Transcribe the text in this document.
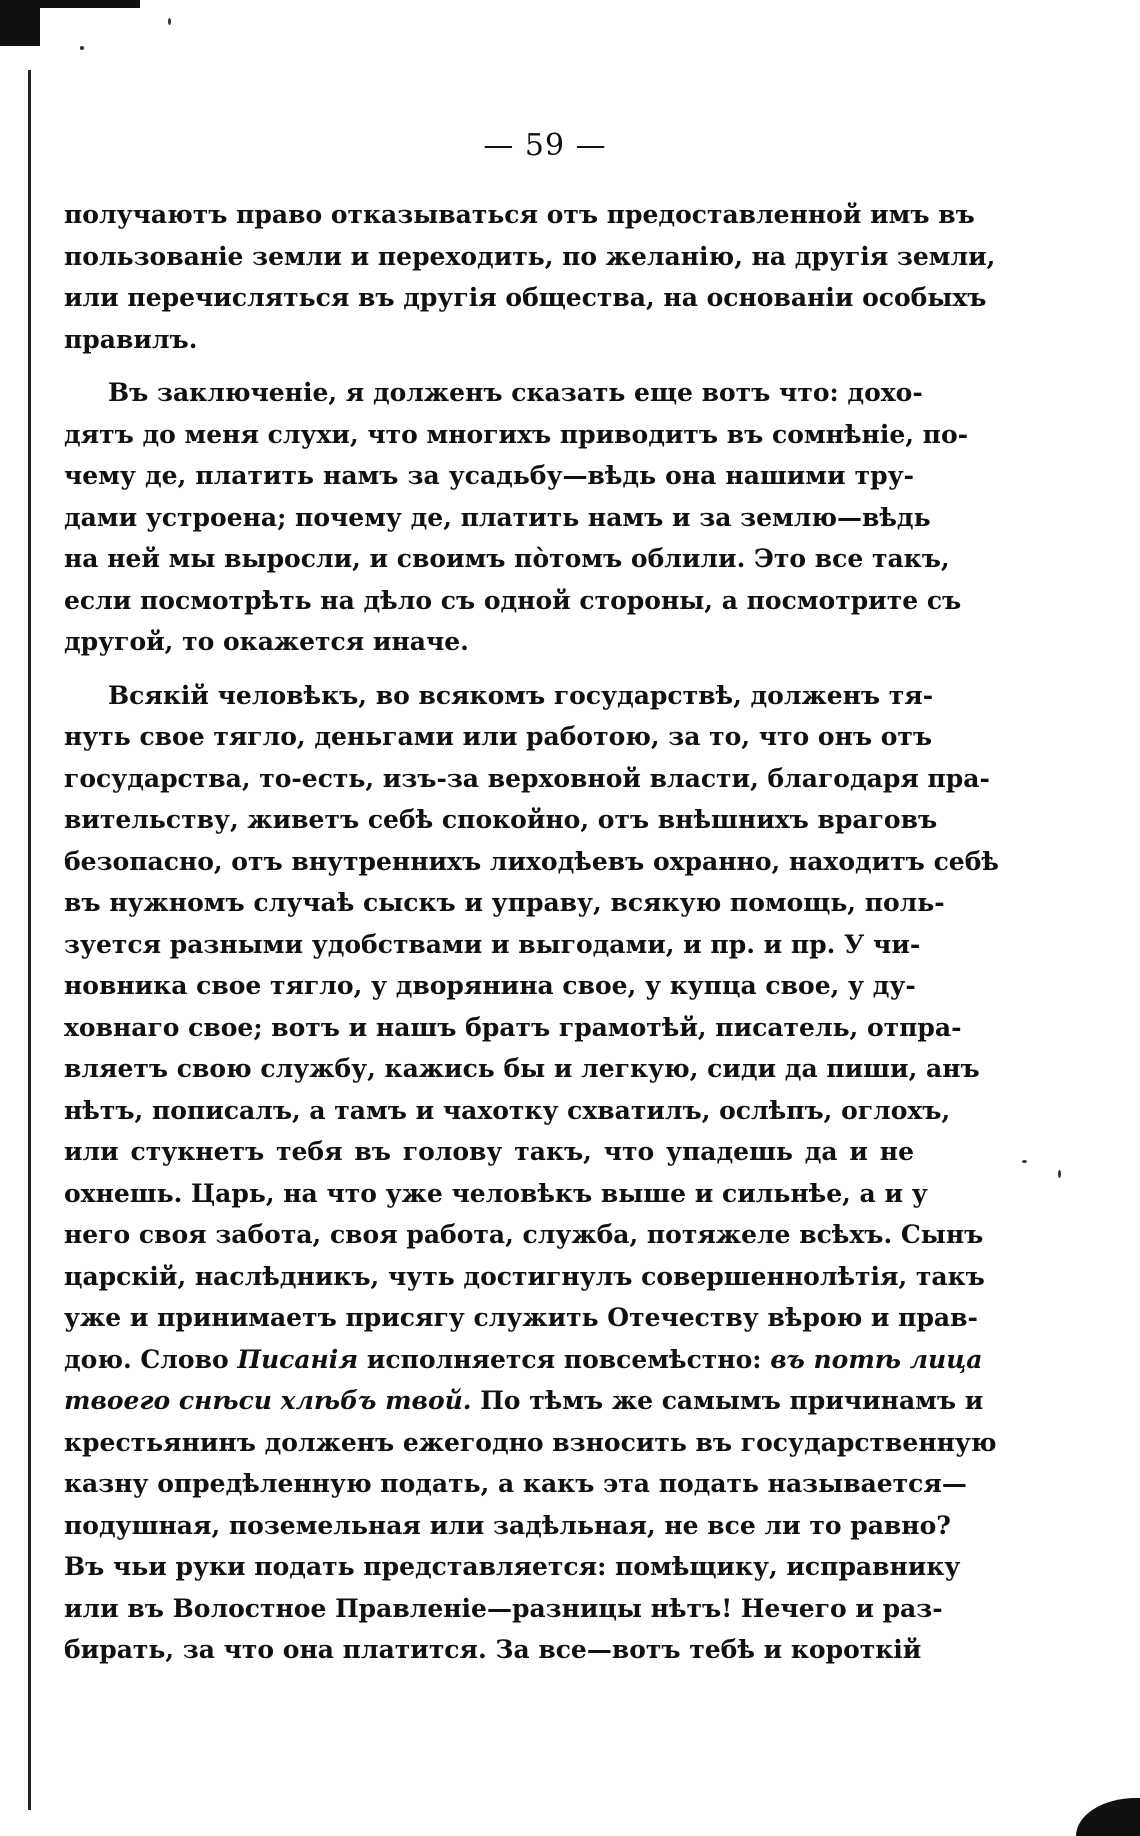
— 59 —
получаютъ право отказываться отъ предоставленной имъ въ
пользованіе земли и переходить, по желанію, на другія земли,
или перечисляться въ другія общества, на основаніи особыхъ
правилъ.
Въ заключеніе, я долженъ сказать еще вотъ что: дохо-
дятъ до меня слухи, что многихъ приводитъ въ сомнѣніе, по-
чему де, платить намъ за усадьбу—вѣдь она нашими тру-
дами устроена; почему де, платить намъ и за землю—вѣдь
на ней мы выросли, и своимъ пòтомъ облили. Это все такъ,
если посмотрѣть на дѣло съ одной стороны, а посмотрите съ
другой, то окажется иначе.
Всякій человѣкъ, во всякомъ государствѣ, долженъ тя-
нуть свое тягло, деньгами или работою, за то, что онъ отъ
государства, то-есть, изъ-за верховной власти, благодаря пра-
вительству, живетъ себѣ спокойно, отъ внѣшнихъ враговъ
безопасно, отъ внутреннихъ лиходѣевъ охранно, находитъ себѣ
въ нужномъ случаѣ сыскъ и управу, всякую помощь, поль-
зуется разными удобствами и выгодами, и пр. и пр. У чи-
новника свое тягло, у дворянина свое, у купца свое, у ду-
ховнаго свое; вотъ и нашъ братъ грамотѣй, писатель, отпра-
вляетъ свою службу, кажись бы и легкую, сиди да пиши, анъ
нѣтъ, пописалъ, а тамъ и чахотку схватилъ, ослѣпъ, оглохъ,
или стукнетъ тебя въ голову такъ, что упадешь да и не
охнешь. Царь, на что уже человѣкъ выше и сильнѣе, а и у
него своя забота, своя работа, служба, потяжеле всѣхъ. Сынъ
царскій, наслѣдникъ, чуть достигнулъ совершеннолѣтія, такъ
уже и принимаетъ присягу служить Отечеству вѣрою и прав-
дою. Слово Писанія исполняется повсемѣстно: въ потѣ лица
твоего снѣси хлѣбъ твой. По тѣмъ же самымъ причинамъ и
крестьянинъ долженъ ежегодно взносить въ государственную
казну опредѣленную подать, а какъ эта подать называется—
подушная, поземельная или задѣльная, не все ли то равно?
Въ чьи руки подать представляется: помѣщику, исправнику
или въ Волостное Правленіе—разницы нѣтъ! Нечего и раз-
бирать, за что она платится. За все—вотъ тебѣ и короткій
